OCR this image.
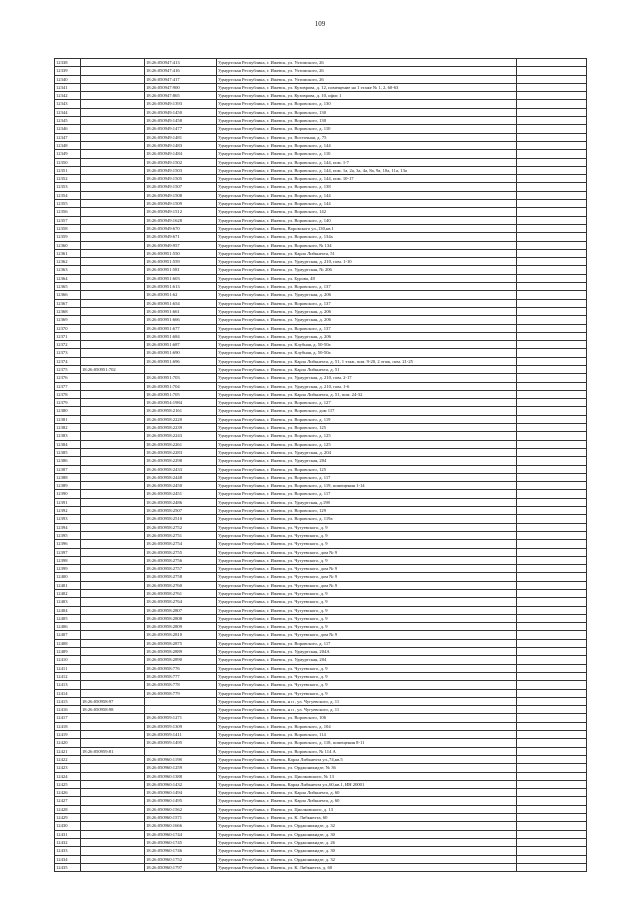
109
12338		18:26:050947:413	Удмуртская Республика, г. Ижевск, ул. Ухтомского, 26	
12339		18:26:050947:416	Удмуртская Республика, г. Ижевск, ул. Ухтомского, 26	
12340		18:26:050947:417	Удмуртская Республика, г. Ижевск, ул. Ухтомского, 26	
12341		18:26:050947:900	Удмуртская Республика, г. Ижевск, ул. Кузоврова, д. 12, помещение на 1 этаже № 1, 2, 60-63	
12342		18:26:050947:865	Удмуртская Республика, г. Ижевск, ул. Кузоврова, д. 10, офис 1	
12343		18:26:050949:1393	Удмуртская Республика, г. Ижевск, ул. Воровского, д. 130	
12344		18:26:050949:1450	Удмуртская Республика, г. Ижевск, ул. Воровского, 130	
12345		18:26:050949:1458	Удмуртская Республика, г. Ижевск, ул. Воровского, 130	
12346		18:26:050949:1477	Удмуртская Республика, г. Ижевск, ул. Воровского, д. 110	
12347		18:26:050949:1481	Удмуртская Республика, г. Ижевск, ул. Восточная, д. 75	
12348		18:26:050949:1483	Удмуртская Республика, г. Ижевск, ул. Воровского, д. 144	
12349		18:26:050949:1484	Удмуртская Республика, г. Ижевск, ул. Воровского, д. 110	
12350		18:26:050949:1502	Удмуртская Республика, г. Ижевск, ул. Воровского, д. 144, пом. 1-7	
12351		18:26:050949:1503	Удмуртская Республика, г. Ижевск, ул. Воровского, д. 144, пом. 1а, 2а, 3а, 4а, 8а, 9а, 10а, 11а, 13а	
12352		18:26:050949:1505	Удмуртская Республика, г. Ижевск, ул. Воровского, д. 144, пом. 10-17	
12353		18:26:050949:1507	Удмуртская Республика, г. Ижевск, ул. Воровского, д. 138	
12354		18:26:050949:1508	Удмуртская Республика, г. Ижевск, ул. Воровского, д. 144	
12355		18:26:050949:1509	Удмуртская Республика, г. Ижевск, ул. Воровского, д. 144	
12356		18:26:050949:1512	Удмуртская Республика, г. Ижевск, ул. Воровского, 142	
12357		18:26:050949:1628	Удмуртская Республика, г. Ижевск, ул. Воровского, д. 140	
12358		18:26:050949:670	Удмуртская Республика, г. Ижевск, Воровского ул.,130,кв.1	
12359		18:26:050949:671	Удмуртская Республика, г. Ижевск, ул. Воровского, д. 134а	
12360		18:26:050949:957	Удмуртская Республика, г. Ижевск, ул. Воровского, № 134	
12361		18:26:050951:550	Удмуртская Республика, г. Ижевск, ул. Карла Либкнехта, 51	
12362		18:26:050951:559	Удмуртская Республика, г. Ижевск, ул. Удмуртская, д. 210, пом. 1-10	
12363		18:26:050951:581	Удмуртская Республика, г. Ижевск, ул. Удмуртская, № 206	
12364		18:26:050951:603	Удмуртская Республика, г. Ижевск, ул. Бурова, 48	
12365		18:26:050951:613	Удмуртская Республика, г. Ижевск, ул. Воровского, д. 137	
12366		18:26:050951:62	Удмуртская Республика, г. Ижевск, ул. Удмуртская, д. 206	
12367		18:26:050951:654	Удмуртская Республика, г. Ижевск, ул. Воровского, д. 137	
12368		18:26:050951:661	Удмуртская Республика, г. Ижевск, ул. Удмуртская, д. 206	
12369		18:26:050951:666	Удмуртская Республика, г. Ижевск, ул. Удмуртская, д. 206	
12370		18:26:050951:677	Удмуртская Республика, г. Ижевск, ул. Воровского, д. 137	
12371		18:26:050951:684	Удмуртская Республика, г. Ижевск, ул. Удмуртская, д. 206	
12372		18:26:050951:687	Удмуртская Республика, г. Ижевск, ул. Клубная, д. 50-50а	
12373		18:26:050951:690	Удмуртская Республика, г. Ижевск, ул. Клубная, д. 50-50а	
12374		18:26:050951:696	Удмуртская Республика, г. Ижевск, ул. Карла Либкнехта, д. 51, 1 этаж, пом. 9-20, 2 этаж, пом. 21-25	
12375	18:26:050951:702		Удмуртская Республика, г. Ижевск, ул. Карла Либкнехта, д. 51	
12376		18:26:050951:703	Удмуртская Республика, г. Ижевск, ул. Удмуртская, д. 210, пом. 2-17	
12377		18:26:050951:704	Удмуртская Республика, г. Ижевск, ул. Удмуртская, д. 210, пом. 1-6	
12378		18:26:050951:705	Удмуртская Республика, г. Ижевск, ул. Карла Либкнехта, д. 51, пом. 24-32	
12379		18:26:050954:1984	Удмуртская Республика, г. Ижевск, ул. Воровского, д. 127	
12380		18:26:050958:2161	Удмуртская Республика, г. Ижевск, ул. Воровского, дом 117	
12381		18:26:050958:2220	Удмуртская Республика, г. Ижевск, ул. Воровского, д. 119	
12382		18:26:050958:2239	Удмуртская Республика, г. Ижевск, ул. Воровского, 125	
12383		18:26:050958:2243	Удмуртская Республика, г. Ижевск, ул. Воровского, д. 125	
12384		18:26:050958:2261	Удмуртская Республика, г. Ижевск, ул. Воровского, д. 125	
12385		18:26:050958:2283	Удмуртская Республика, г. Ижевск, ул. Удмуртская, д. 204	
12386		18:26:050958:2298	Удмуртская Республика, г. Ижевск, ул. Удмуртская, 204	
12387		18:26:050958:2433	Удмуртская Республика, г. Ижевск, ул. Воровского, 125	
12388		18:26:050958:2448	Удмуртская Республика, г. Ижевск, ул. Воровского, д. 117	
12389		18:26:050958:2450	Удмуртская Республика, г. Ижевск, ул. Воровского, д. 119, помещения 1-14	
12390		18:26:050958:2451	Удмуртская Республика, г. Ижевск, ул. Воровского, д. 117	
12391		18:26:050958:2486	Удмуртская Республика, г. Ижевск, ул. Удмуртская, д.198	
12392		18:26:050958:2507	Удмуртская Республика, г. Ижевск, ул. Воровского, 129	
12393		18:26:050958:2510	Удмуртская Республика, г. Ижевск, ул. Воровского, д. 119а	
12394		18:26:050958:2752	Удмуртская Республика, г. Ижевск, ул. Чугуевского, д. 9	
12395		18:26:050958:2751	Удмуртская Республика, г. Ижевск, ул. Чугуевского, д. 9	
12396		18:26:050958:2754	Удмуртская Республика, г. Ижевск, ул. Чугуевского, д. 9	
12397		18:26:050958:2755	Удмуртская Республика, г. Ижевск, ул. Чугуевского, дом № 9	
12398		18:26:050958:2756	Удмуртская Республика, г. Ижевск, ул. Чугуевского, д. 9	
12399		18:26:050958:2757	Удмуртская Республика, г. Ижевск, ул. Чугуевского, дом № 9	
12400		18:26:050958:2758	Удмуртская Республика, г. Ижевск, ул. Чугуевского, дом № 9	
12401		18:26:050958:2760	Удмуртская Республика, г. Ижевск, ул. Чугуевского, дом № 9	
12402		18:26:050958:2761	Удмуртская Республика, г. Ижевск, ул. Чугуевского, д. 9	
12403		18:26:050958:2764	Удмуртская Республика, г. Ижевск, ул. Чугуевского, д. 9	
12404		18:26:050958:2807	Удмуртская Республика, г. Ижевск, ул. Чугуевского, д. 9	
12405		18:26:050958:2808	Удмуртская Республика, г. Ижевск, ул. Чугуевского, д. 9	
12406		18:26:050958:2809	Удмуртская Республика, г. Ижевск, ул. Чугуевского, д. 9	
12407		18:26:050958:2810	Удмуртская Республика, г. Ижевск, ул. Чугуевского, дом № 9	
12408		18:26:050958:2875	Удмуртская Республика, г. Ижевск, ул. Воровского, д. 117	
12409		18:26:050958:2889	Удмуртская Республика, г. Ижевск, ул. Удмуртская, 204А	
12410		18:26:050958:2890	Удмуртская Республика, г. Ижевск, ул. Удмуртская, 204	
12411		18:26:050958:776	Удмуртская Республика, г. Ижевск, ул. Чугуевского, д. 9	
12412		18:26:050958:777	Удмуртская Республика, г. Ижевск, ул. Чугуевского, д. 9	
12413		18:26:050958:778	Удмуртская Республика, г. Ижевск, ул. Чугуевского, д. 9	
12414		18:26:050958:779	Удмуртская Республика, г. Ижевск, ул. Чугуевского, д. 9	
12415	18:26:050958:97		Удмуртская Республика, г. Ижевск, н п , ул. Чугуевского, д. 11	
12416	18:26:050958:98		Удмуртская Республика, г. Ижевск, н п , ул. Чугуевского, д. 11	
12417		18:26:050959:1271	Удмуртская Республика, г. Ижевск, ул. Воровского, 106	
12418		18:26:050959:1309	Удмуртская Республика, г. Ижевск, ул. Воровского, д. 104	
12419		18:26:050959:1411	Удмуртская Республика, г. Ижевск, ул. Воровского, 114	
12420		18:26:050959:1495	Удмуртская Республика, г. Ижевск, ул. Воровского, д. 118, помещения 8-11	
12421	18:26:050959:81		Удмуртская Республика, г. Ижевск, ул. Воровского, № 114 А	
12422		18:26:050960:1198	Удмуртская Республика, г. Ижевск, Карла Либкнехта ул.,74,кв.5	
12423		18:26:050960:1259	Удмуртская Республика, г. Ижевск, ул. Орджоникидзе, № 36	
12424		18:26:050960:1388	Удмуртская Республика, г. Ижевск, ул. Циолковского, № 13	
12425		18:26:050960:1432	Удмуртская Республика, г. Ижевск, Карла Либкнехта ул.,60,кв.1, ИН 20001	
12426		18:26:050960:1494	Удмуртская Республика, г. Ижевск, ул. Карла Либкнехта, д. 60	
12427		18:26:050960:1495	Удмуртская Республика, г. Ижевск, ул. Карла Либкнехта, д. 60	
12428		18:26:050960:1562	Удмуртская Республика, г. Ижевск, ул. Циолковского, д. 13	
12429		18:26:050960:1571	Удмуртская Республика, г. Ижевск, ул. К. Либкнехта, 60	
12430		18:26:050960:1666	Удмуртская Республика, г. Ижевск, ул. Орджоникидзе, д. 32	
12431		18:26:050960:1744	Удмуртская Республика, г. Ижевск, ул. Орджоникидзе, д. 30	
12432		18:26:050960:1745	Удмуртская Республика, г. Ижевск, ул. Орджоникидзе, д. 26	
12433		18:26:050960:1746	Удмуртская Республика, г. Ижевск, ул. Орджоникидзе, д. 30	
12434		18:26:050960:1752	Удмуртская Республика, г. Ижевск, ул. Орджоникидзе, д. 32	
12435		18:26:050960:1797	Удмуртская Республика, г. Ижевск, ул. К. Либкнехта, д. 60	
